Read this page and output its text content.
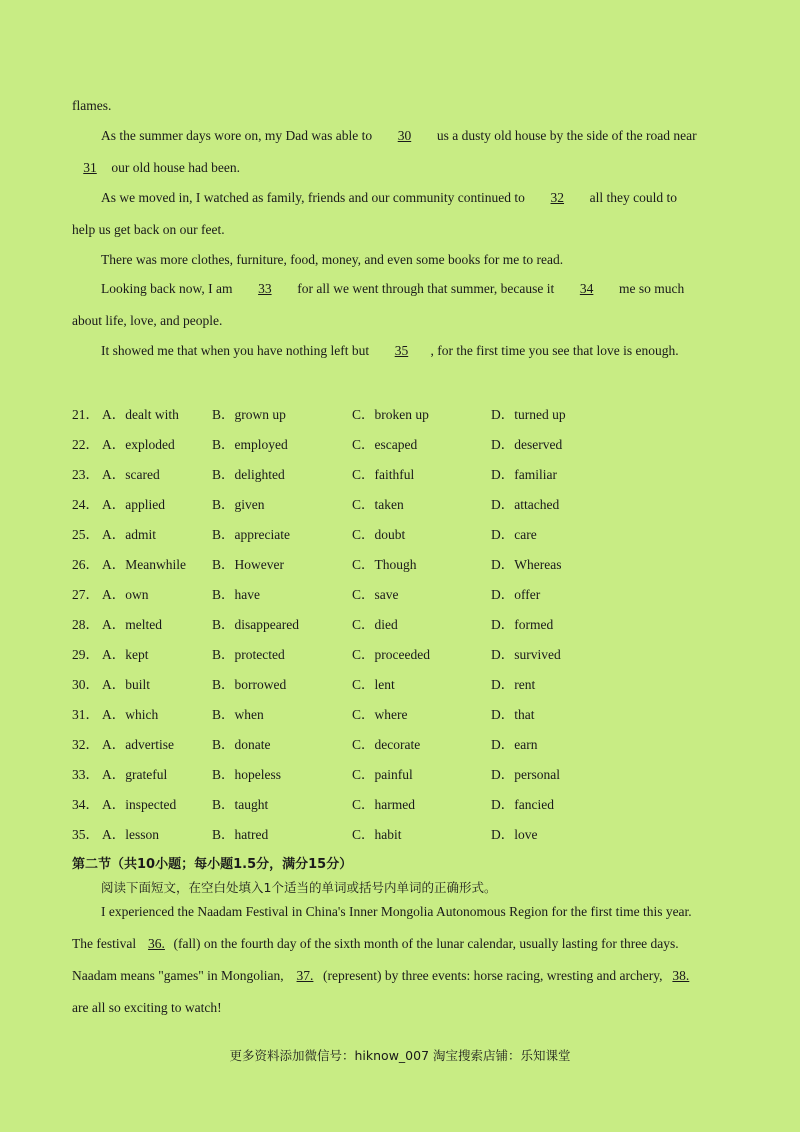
flames.
As the summer days wore on, my Dad was able to 30 us a dusty old house by the side of the road near
31 our old house had been.
As we moved in, I watched as family, friends and our community continued to 32 all they could to
help us get back on our feet.
There was more clothes, furniture, food, money, and even some books for me to read.
Looking back now, I am 33 for all we went through that summer, because it 34 me so much
about life, love, and people.
It showed me that when you have nothing left but 35 , for the first time you see that love is enough.
21． A．dealt with B．grown up	C．broken up	D．turned up
22． A．exploded	B．employed	C．escaped	D．deserved
23． A．scared	B．delighted	C．faithful	D．familiar
24． A．applied	B．given	C．taken	D．attached
25． A．admit	B．appreciate	C．doubt	D．care
26． A．Meanwhile B．However	C．Though	D．Whereas
27． A．own	B．have	C．save	D．offer
28． A．melted	B．disappeared	C．died	D．formed
29． A．kept	B．protected	C．proceeded	D．survived
30． A．built	B．borrowed	C．lent	D．rent
31． A．which	B．when	C．where	D．that
32． A．advertise	B．donate	C．decorate	D．earn
33． A．grateful	B．hopeless	C．painful	D．personal
34． A．inspected	B．taught	C．harmed	D．fancied
35． A．lesson	B．hatred	C．habit	D．love
第二节（共10小题；每小题1.5分，满分15分）
阅读下面短文，在空白处填入1个适当的单词或括号内单词的正确形式。
I experienced the Naadam Festival in China's Inner Mongolia Autonomous Region for the first time this year.
The festival 36. (fall) on the fourth day of the sixth month of the lunar calendar, usually lasting for three days.
Naadam means "games" in Mongolian, 37. (represent) by three events: horse racing, wresting and archery, 38.
are all so exciting to watch!
更多资料添加微信号：hiknow_007 淘宝搜索店铺：乐知课堂
